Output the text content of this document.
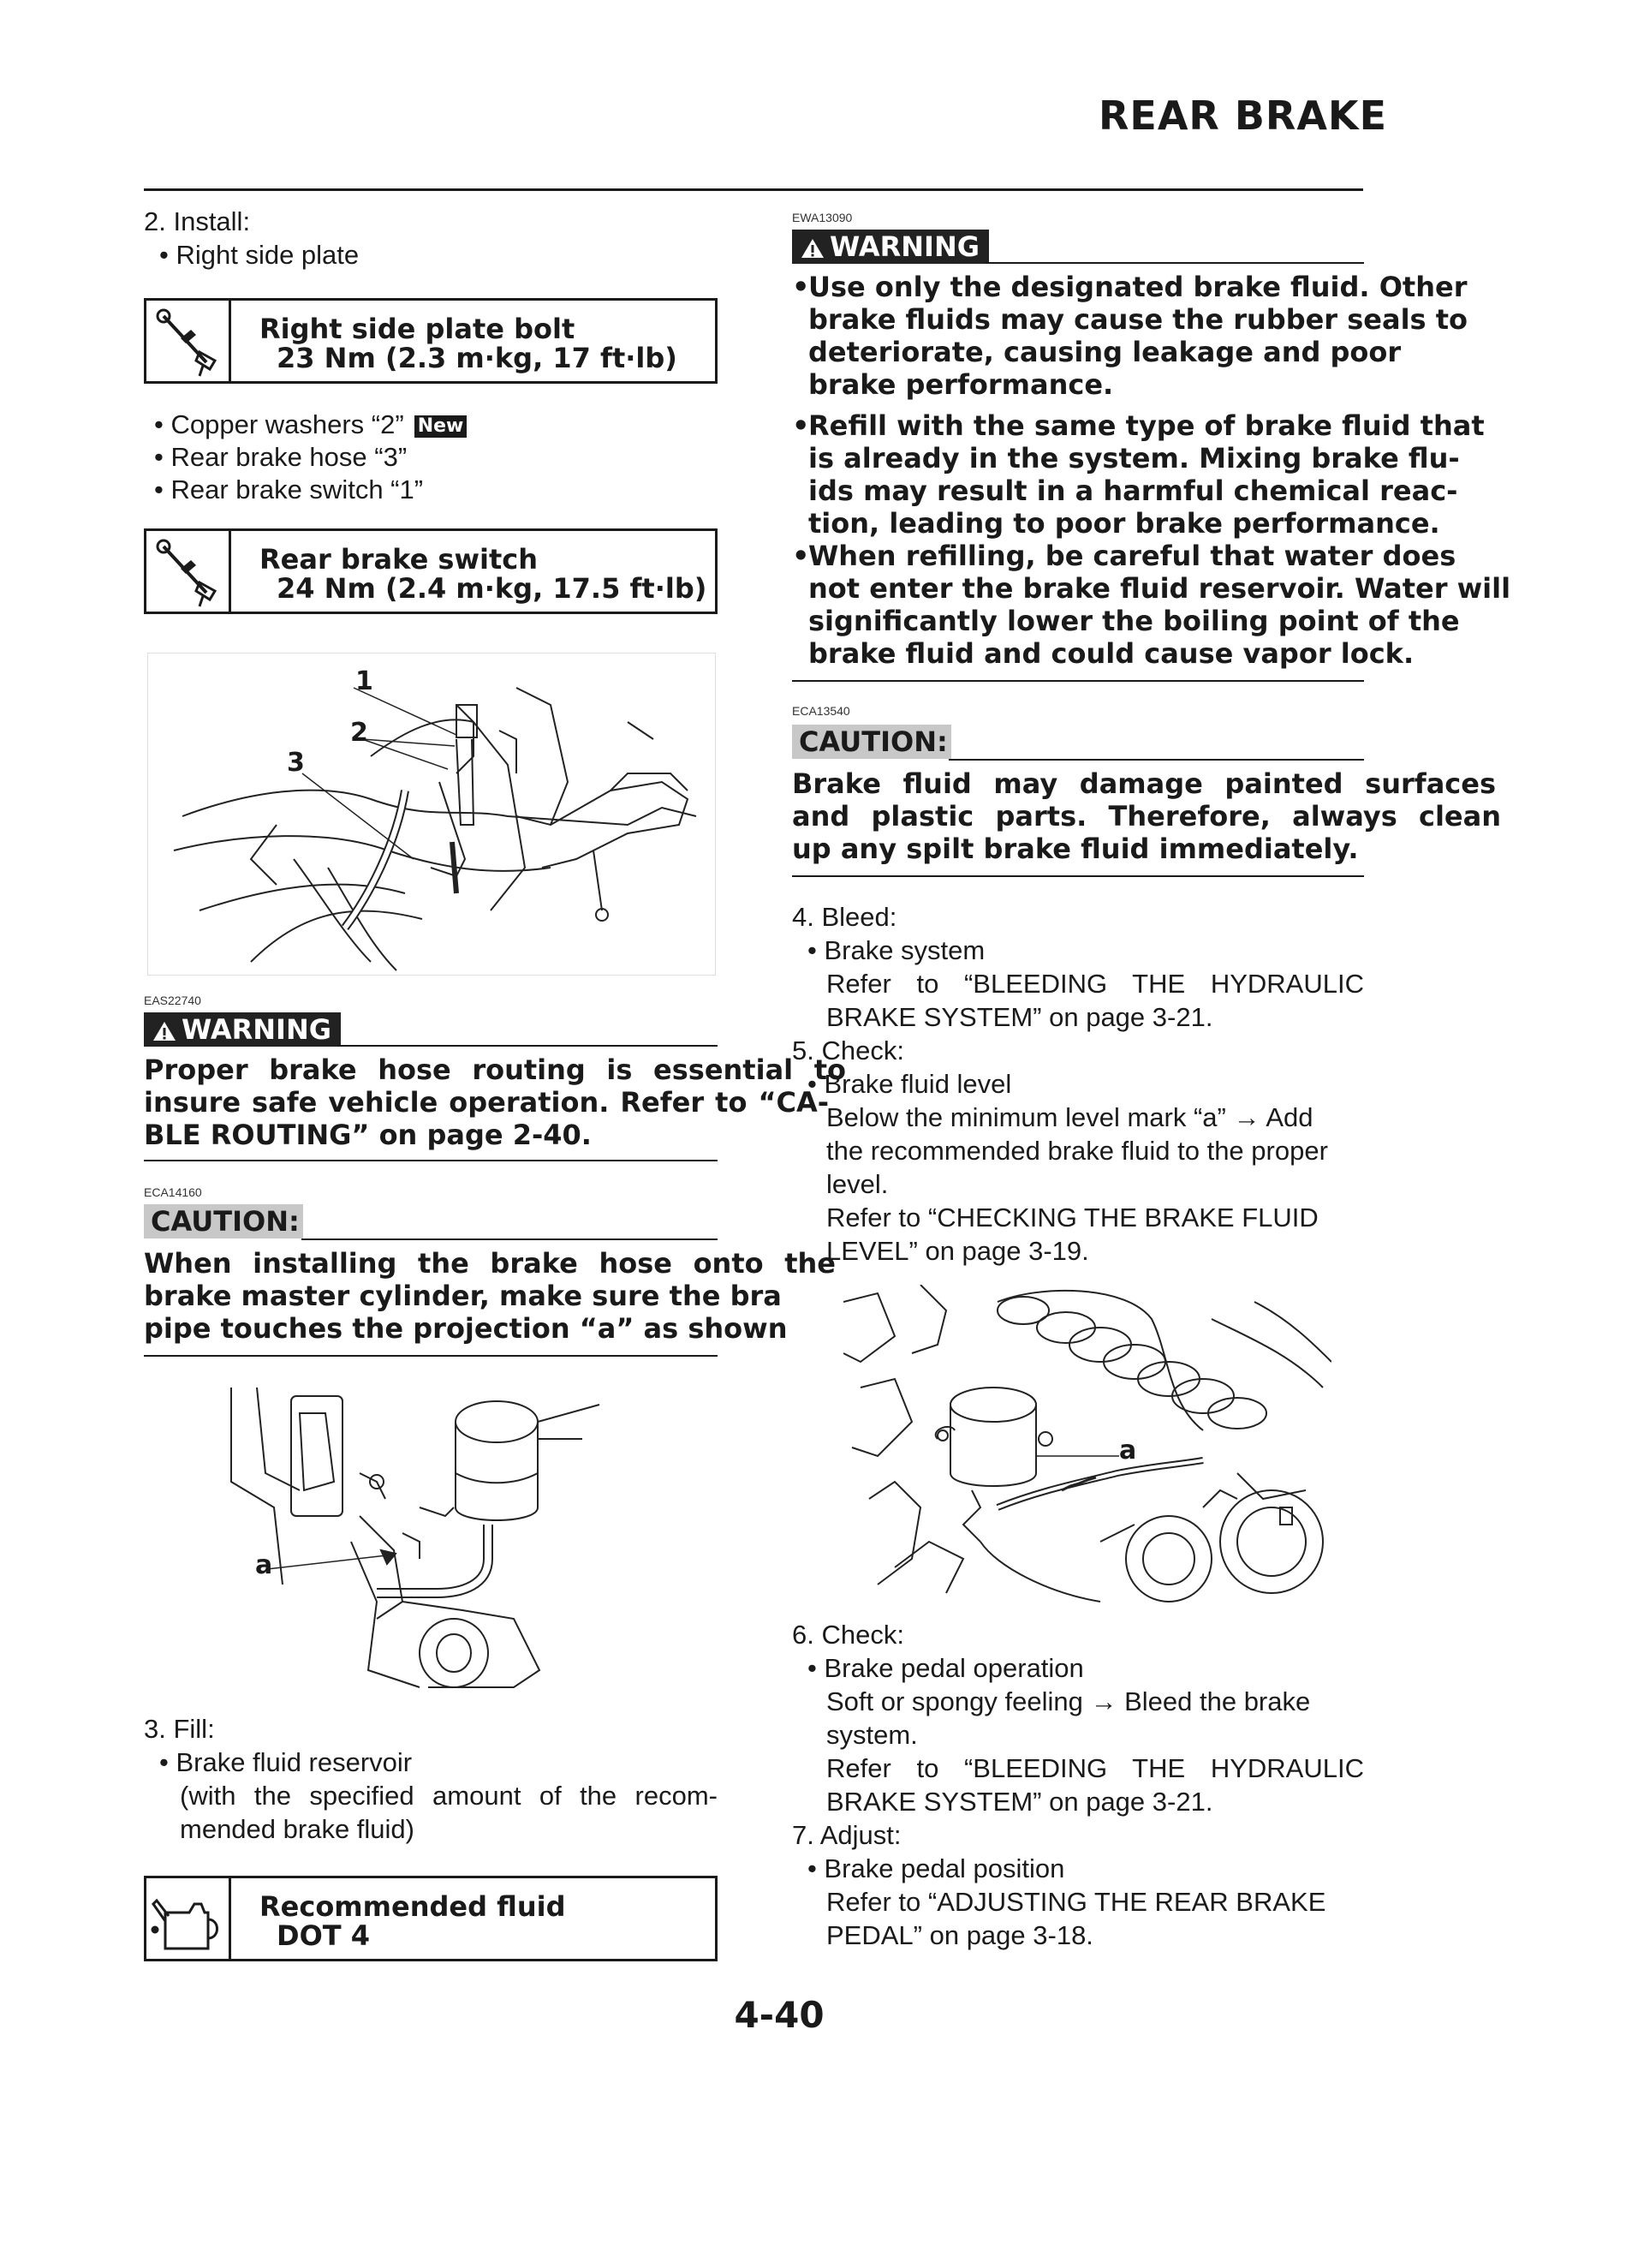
REAR BRAKE
2. Install:
• Right side plate
Right side plate bolt
23 Nm (2.3 m·kg, 17 ft·lb)
• Copper washers “2” New
• Rear brake hose “3”
• Rear brake switch “1”
Rear brake switch
24 Nm (2.4 m·kg, 17.5 ft·lb)
1
2
3
EAS22740
WARNING
Proper brake hose routing is essential to
insure safe vehicle operation. Refer to “CA-
BLE ROUTING” on page 2-40.
ECA14160
CAUTION:
When installing the brake hose onto the
brake master cylinder, make sure the bra
pipe touches the projection “a” as shown
a
3. Fill:
• Brake fluid reservoir
(with the specified amount of the recom-
mended brake fluid)
Recommended fluid
DOT 4
EWA13090
WARNING
•
Use only the designated brake fluid. Other
brake fluids may cause the rubber seals to
deteriorate, causing leakage and poor
brake performance.
•
Refill with the same type of brake fluid that
is already in the system. Mixing brake flu-
ids may result in a harmful chemical reac-
tion, leading to poor brake performance.
•
When refilling, be careful that water does
not enter the brake fluid reservoir. Water will
significantly lower the boiling point of the
brake fluid and could cause vapor lock.
ECA13540
CAUTION:
Brake fluid may damage painted surfaces
and plastic parts. Therefore, always clean
up any spilt brake fluid immediately.
4. Bleed:
• Brake system
Refer to “BLEEDING THE HYDRAULIC
BRAKE SYSTEM” on page 3-21.
5. Check:
• Brake fluid level
Below the minimum level mark “a” → Add
the recommended brake fluid to the proper
level.
Refer to “CHECKING THE BRAKE FLUID
LEVEL” on page 3-19.
a
6. Check:
• Brake pedal operation
Soft or spongy feeling → Bleed the brake
system.
Refer to “BLEEDING THE HYDRAULIC
BRAKE SYSTEM” on page 3-21.
7. Adjust:
• Brake pedal position
Refer to “ADJUSTING THE REAR BRAKE
PEDAL” on page 3-18.
4-40
